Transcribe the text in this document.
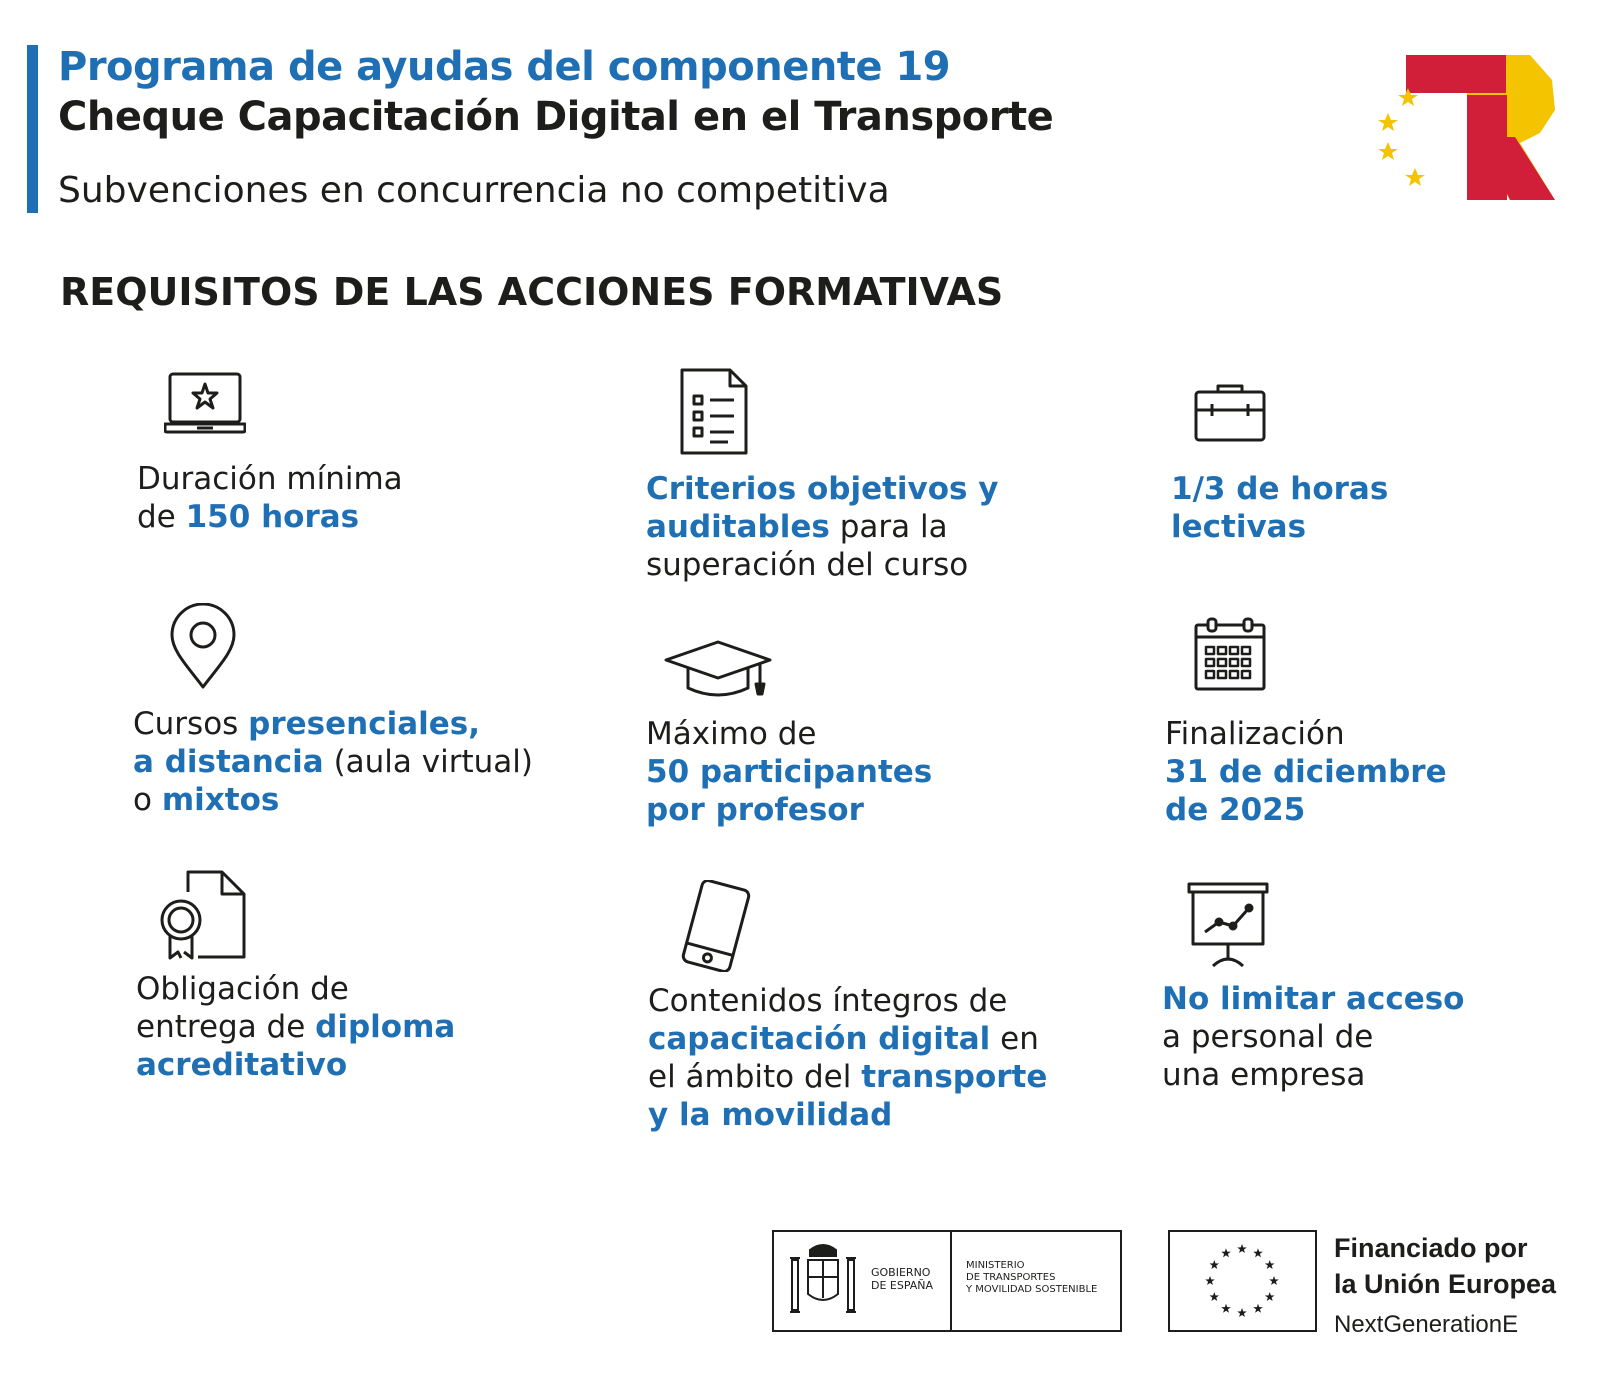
Programa de ayudas del componente 19
Cheque Capacitación Digital en el Transporte
Subvenciones en concurrencia no competitiva
REQUISITOS DE LAS ACCIONES FORMATIVAS
Duración mínima
de 150 horas
Criterios objetivos y
auditables para la
superación del curso
1/3 de horas
lectivas
Cursos presenciales,
a distancia (aula virtual)
o mixtos
Máximo de
50 participantes
por profesor
Finalización
31 de diciembre
de 2025
Obligación de
entrega de diploma
acreditativo
Contenidos íntegros de
capacitación digital en
el ámbito del transporte
y la movilidad
No limitar acceso
a personal de
una empresa
GOBIERNO
DE ESPAÑA
MINISTERIO
DE TRANSPORTES
Y MOVILIDAD SOSTENIBLE
Financiado por
la Unión Europea
NextGenerationE
